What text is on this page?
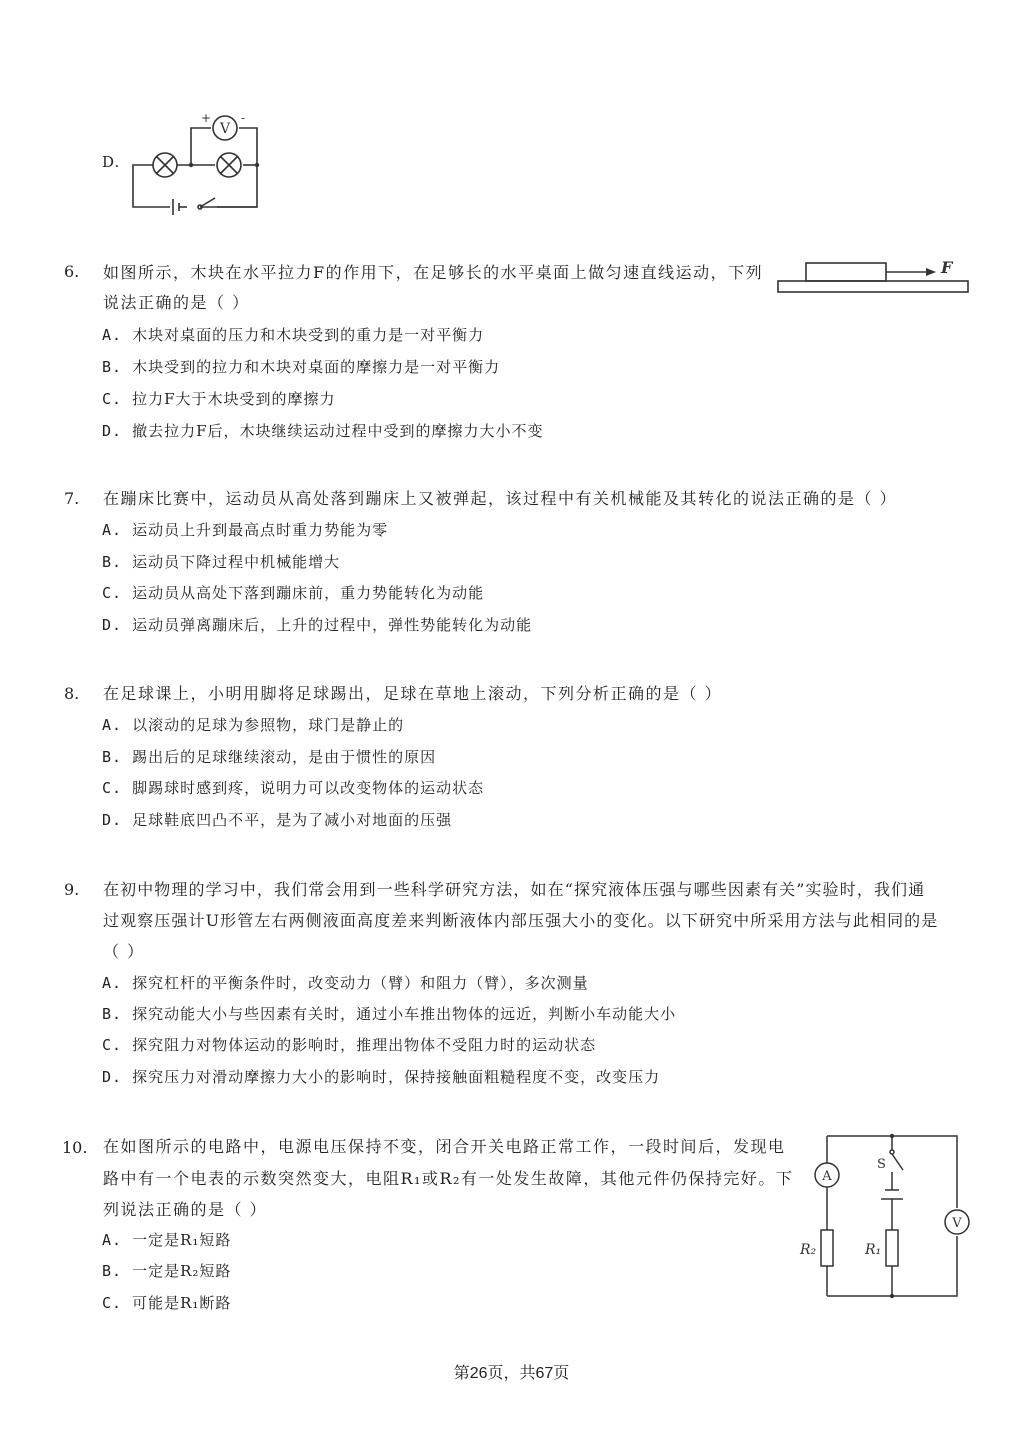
D.
V
+ -
6. 如图所示，木块在水平拉力F的作用下，在足够长的水平桌面上做匀速直线运动，下列
说法正确的是（ ）
A. 木块对桌面的压力和木块受到的重力是一对平衡力
B. 木块受到的拉力和木块对桌面的摩擦力是一对平衡力
C. 拉力F大于木块受到的摩擦力
D. 撤去拉力F后，木块继续运动过程中受到的摩擦力大小不变
F
7. 在蹦床比赛中，运动员从高处落到蹦床上又被弹起，该过程中有关机械能及其转化的说法正确的是（ ）
A. 运动员上升到最高点时重力势能为零
B. 运动员下降过程中机械能增大
C. 运动员从高处下落到蹦床前，重力势能转化为动能
D. 运动员弹离蹦床后，上升的过程中，弹性势能转化为动能
8. 在足球课上，小明用脚将足球踢出，足球在草地上滚动，下列分析正确的是（ ）
A. 以滚动的足球为参照物，球门是静止的
B. 踢出后的足球继续滚动，是由于惯性的原因
C. 脚踢球时感到疼，说明力可以改变物体的运动状态
D. 足球鞋底凹凸不平，是为了减小对地面的压强
9. 在初中物理的学习中，我们常会用到一些科学研究方法，如在“探究液体压强与哪些因素有关”实验时，我们通
过观察压强计U形管左右两侧液面高度差来判断液体内部压强大小的变化。以下研究中所采用方法与此相同的是
（ ）
A. 探究杠杆的平衡条件时，改变动力（臂）和阻力（臂），多次测量
B. 探究动能大小与些因素有关时，通过小车推出物体的远近，判断小车动能大小
C. 探究阻力对物体运动的影响时，推理出物体不受阻力时的运动状态
D. 探究压力对滑动摩擦力大小的影响时，保持接触面粗糙程度不变，改变压力
10. 在如图所示的电路中，电源电压保持不变，闭合开关电路正常工作，一段时间后，发现电
路中有一个电表的示数突然变大，电阻R₁或R₂有一处发生故障，其他元件仍保持完好。下
列说法正确的是（ ）
A. 一定是R₁短路
B. 一定是R₂短路
C. 可能是R₁断路
A
V
S
R₂	R₁
第26页，共67页
